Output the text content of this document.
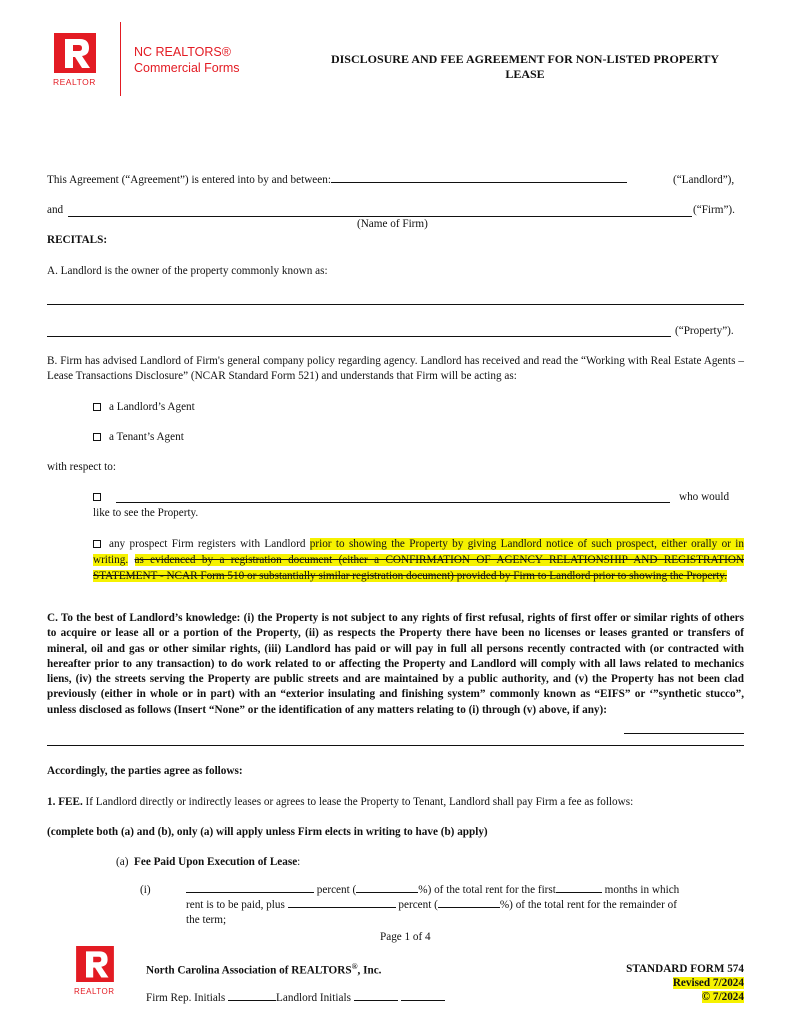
REALTOR
NC REALTORS®
Commercial Forms
DISCLOSURE AND FEE AGREEMENT FOR NON-LISTED PROPERTY
LEASE
This Agreement (“Agreement”) is entered into by and between:	(“Landlord”),
and	(“Firm”).
(Name of Firm)
RECITALS:
A. Landlord is the owner of the property commonly known as:
(“Property”).
B. Firm has advised Landlord of Firm's general company policy regarding agency. Landlord has received and read the “Working with Real Estate Agents – Lease Transactions Disclosure” (NCAR Standard Form 521) and understands that Firm will be acting as:
a Landlord’s Agent
a Tenant’s Agent
with respect to:
who would
like to see the Property.
any prospect Firm registers with Landlord prior to showing the Property by giving Landlord notice of such prospect, either orally or in writing. as evidenced by a registration document (either a CONFIRMATION OF AGENCY RELATIONSHIP AND REGISTRATION STATEMENT - NCAR Form 510 or substantially similar registration document) provided by Firm to Landlord prior to showing the Property.
C. To the best of Landlord’s knowledge: (i) the Property is not subject to any rights of first refusal, rights of first offer or similar rights of others to acquire or lease all or a portion of the Property, (ii) as respects the Property there have been no licenses or leases granted or transfers of mineral, oil and gas or other similar rights, (iii) Landlord has paid or will pay in full all persons recently contracted with (or contracted with hereafter prior to any transaction) to do work related to or affecting the Property and Landlord will comply with all laws related to mechanics liens, (iv) the streets serving the Property are public streets and are maintained by a public authority, and (v) the Property has not been clad previously (either in whole or in part) with an “exterior insulating and finishing system” commonly known as “EIFS” or ‘”synthetic stucco”, unless disclosed as follows (Insert “None” or the identification of any matters relating to (i) through (v) above, if any):
Accordingly, the parties agree as follows:
1. FEE. If Landlord directly or indirectly leases or agrees to lease the Property to Tenant, Landlord shall pay Firm a fee as follows:
(complete both (a) and (b), only (a) will apply unless Firm elects in writing to have (b) apply)
(a) Fee Paid Upon Execution of Lease:
(i)	percent (	%) of the total rent for the first	months in which
rent is to be paid, plus	percent (	%) of the total rent for the remainder of
the term;
Page 1 of 4
REALTOR
North Carolina Association of REALTORS®, Inc.
Firm Rep. Initials	Landlord Initials
STANDARD FORM 574
Revised 7/2024
© 7/2024
